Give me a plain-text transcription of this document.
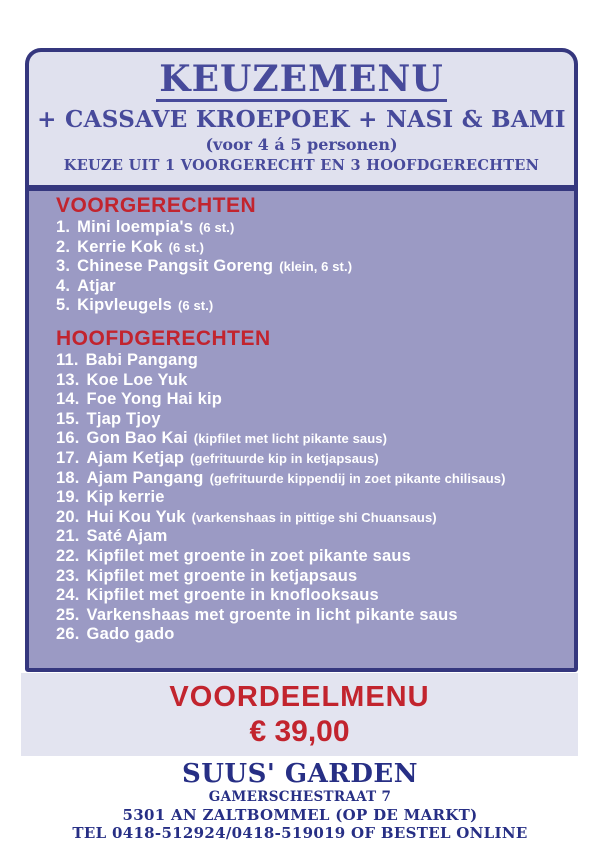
KEUZEMENU
+ CASSAVE KROEPOEK + NASI & BAMI
(voor 4 á 5 personen)
KEUZE UIT 1 VOORGERECHT EN 3 HOOFDGERECHTEN
VOORGERECHTEN
1. Mini loempia's (6 st.)
2. Kerrie Kok (6 st.)
3. Chinese Pangsit Goreng (klein, 6 st.)
4. Atjar
5. Kipvleugels (6 st.)
HOOFDGERECHTEN
11. Babi Pangang
13. Koe Loe Yuk
14. Foe Yong Hai kip
15. Tjap Tjoy
16. Gon Bao Kai (kipfilet met licht pikante saus)
17. Ajam Ketjap (gefrituurde kip in ketjapsaus)
18. Ajam Pangang (gefrituurde kippendij in zoet pikante chilisaus)
19. Kip kerrie
20. Hui Kou Yuk (varkenshaas in pittige shi Chuansaus)
21. Saté Ajam
22. Kipfilet met groente in zoet pikante saus
23. Kipfilet met groente in ketjapsaus
24. Kipfilet met groente in knoflooksaus
25. Varkenshaas met groente in licht pikante saus
26. Gado gado
VOORDEELMENU
€ 39,00
SUUS' GARDEN
GAMERSCHESTRAAT 7
5301 AN ZALTBOMMEL (OP DE MARKT)
TEL 0418-512924/0418-519019 OF BESTEL ONLINE
